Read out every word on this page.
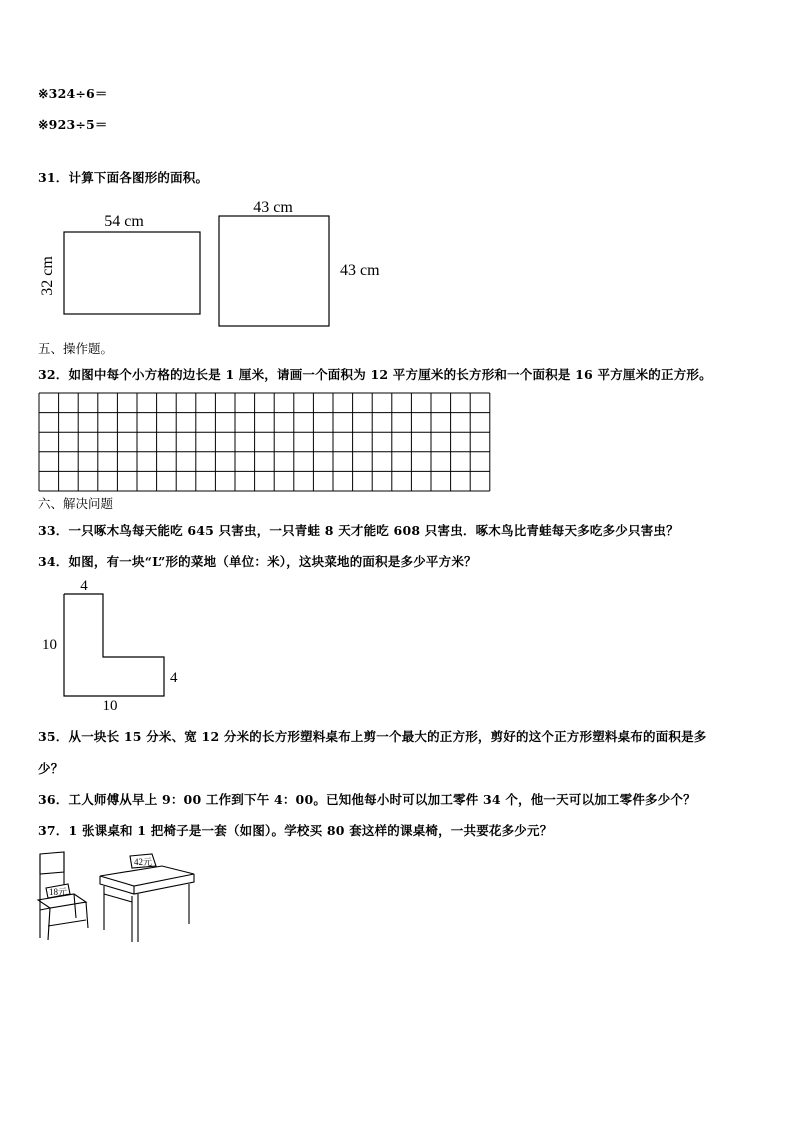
※324÷6＝
※923÷5＝
31．计算下面各图形的面积。
54 cm
32 cm
43 cm
43 cm
五、操作题。
32．如图中每个小方格的边长是 1 厘米，请画一个面积为 12 平方厘米的长方形和一个面积是 16 平方厘米的正方形。
六、解决问题
33．一只啄木鸟每天能吃 645 只害虫，一只青蛙 8 天才能吃 608 只害虫．啄木鸟比青蛙每天多吃多少只害虫？
34．如图，有一块“L”形的菜地（单位：米），这块菜地的面积是多少平方米？
4
10
4
10
35．从一块长 15 分米、宽 12 分米的长方形塑料桌布上剪一个最大的正方形，剪好的这个正方形塑料桌布的面积是多
少？
36．工人师傅从早上 9：00 工作到下午 4：00。已知他每小时可以加工零件 34 个，他一天可以加工零件多少个？
37．1 张课桌和 1 把椅子是一套（如图）。学校买 80 套这样的课桌椅，一共要花多少元？
18元
42元
